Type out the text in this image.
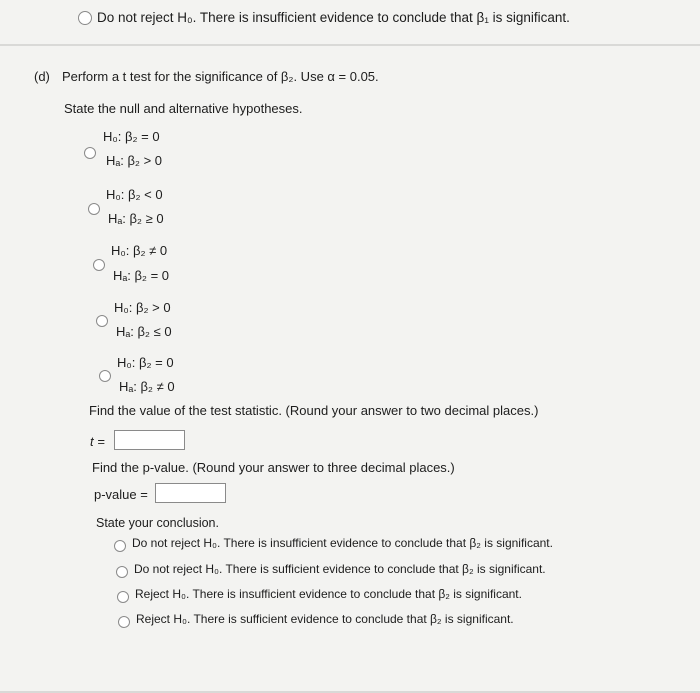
Do not reject H₀. There is insufficient evidence to conclude that β₁ is significant.
(d) Perform a t test for the significance of β₂. Use α = 0.05.
State the null and alternative hypotheses.
H₀: β₂ = 0
Hₐ: β₂ > 0
H₀: β₂ < 0
Hₐ: β₂ ≥ 0
H₀: β₂ ≠ 0
Hₐ: β₂ = 0
H₀: β₂ > 0
Hₐ: β₂ ≤ 0
H₀: β₂ = 0
Hₐ: β₂ ≠ 0
Find the value of the test statistic. (Round your answer to two decimal places.)
t =
Find the p-value. (Round your answer to three decimal places.)
p-value =
State your conclusion.
Do not reject H₀. There is insufficient evidence to conclude that β₂ is significant.
Do not reject H₀. There is sufficient evidence to conclude that β₂ is significant.
Reject H₀. There is insufficient evidence to conclude that β₂ is significant.
Reject H₀. There is sufficient evidence to conclude that β₂ is significant.
